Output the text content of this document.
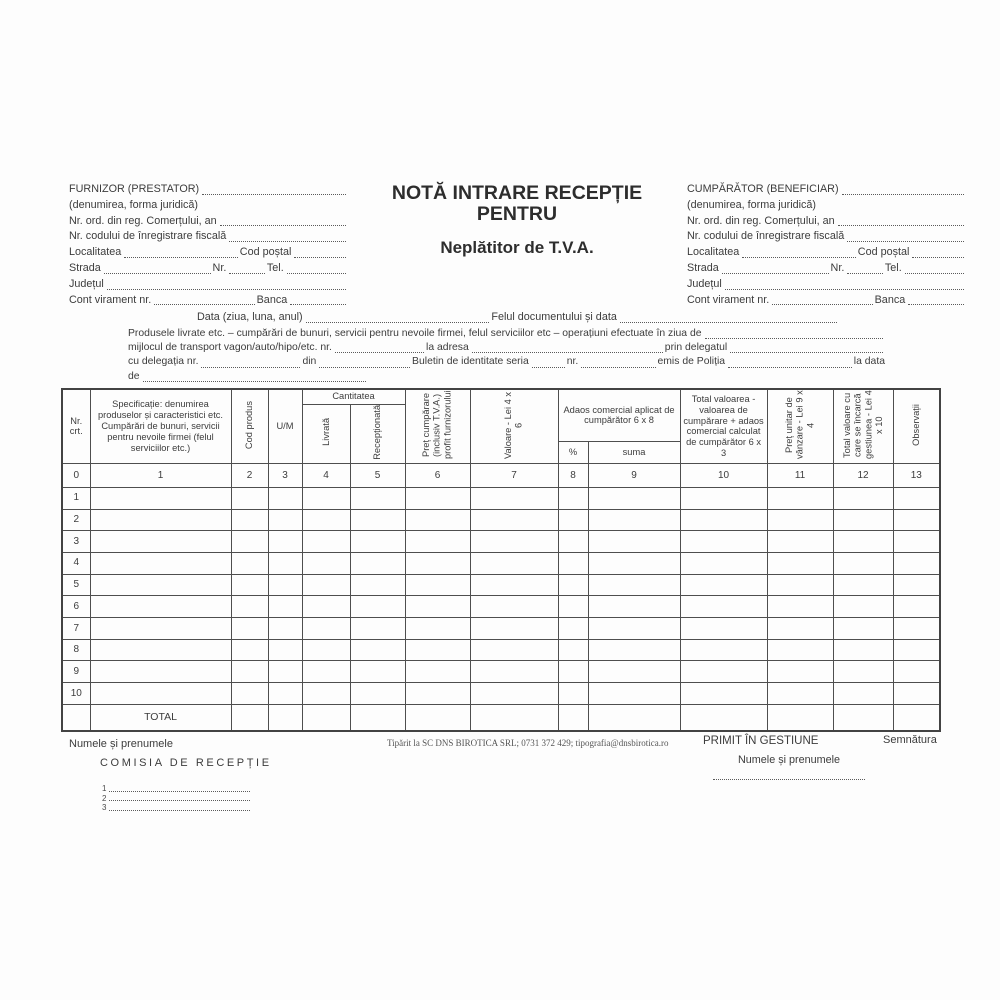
FURNIZOR (PRESTATOR)
(denumirea, forma juridică)
Nr. ord. din reg. Comerțului, an
Nr. codului de înregistrare fiscală
Localitatea	Cod poștal
Strada	Nr.	Tel.
Județul
Cont virament nr.	Banca
NOTĂ INTRARE RECEPȚIE
PENTRU
Neplătitor de T.V.A.
CUMPĂRĂTOR (BENEFICIAR)
(denumirea, forma juridică)
Nr. ord. din reg. Comerțului, an
Nr. codului de înregistrare fiscală
Localitatea	Cod poștal
Strada	Nr.	Tel.
Județul
Cont virament nr.	Banca
Data (ziua, luna, anul)	Felul documentului și data
Produsele livrate etc. – cumpărări de bunuri, servicii pentru nevoile firmei, felul serviciilor etc – operațiuni efectuate în ziua de
mijlocul de transport vagon/auto/hipo/etc. nr.	la adresa	prin delegatul
cu delegația nr.	din	Buletin de identitate seria	nr.	emis de Poliția	la data
de
Nr. crt.	Specificație: denumirea produselor și caracteristici etc. Cumpărări de bunuri, servicii pentru nevoile firmei (felul serviciilor etc.)	Cod produs	U/M	Cantitatea		Preț cumpărare (inclusiv T.V.A.) profit furnizorului	Valoare - Lei 4 x 6	Adaos comercial aplicat de cumpărător 6 x 8		Total valoarea - valoarea de cumpărare + adaos comercial calculat de cumpărător 6 x 3	Preț unitar de vânzare - Lei 9 x 4	Total valoare cu care se încarcă gestiunea - Lei 4 x 10	Observații
				Livrată	Recepționată								
								%	suma				
0	1	2	3	4	5	6	7	8	9	10	11	12	13
1													
2													
3													
4													
5													
6													
7													
8													
9													
10													
	TOTAL												
Numele și prenumele
COMISIA DE RECEPȚIE
1
2
3
Tipărit la SC DNS BIROTICA SRL; 0731 372 429; tipografia@dnsbirotica.ro	PRIMIT ÎN GESTIUNE	Semnătura
Numele și prenumele
